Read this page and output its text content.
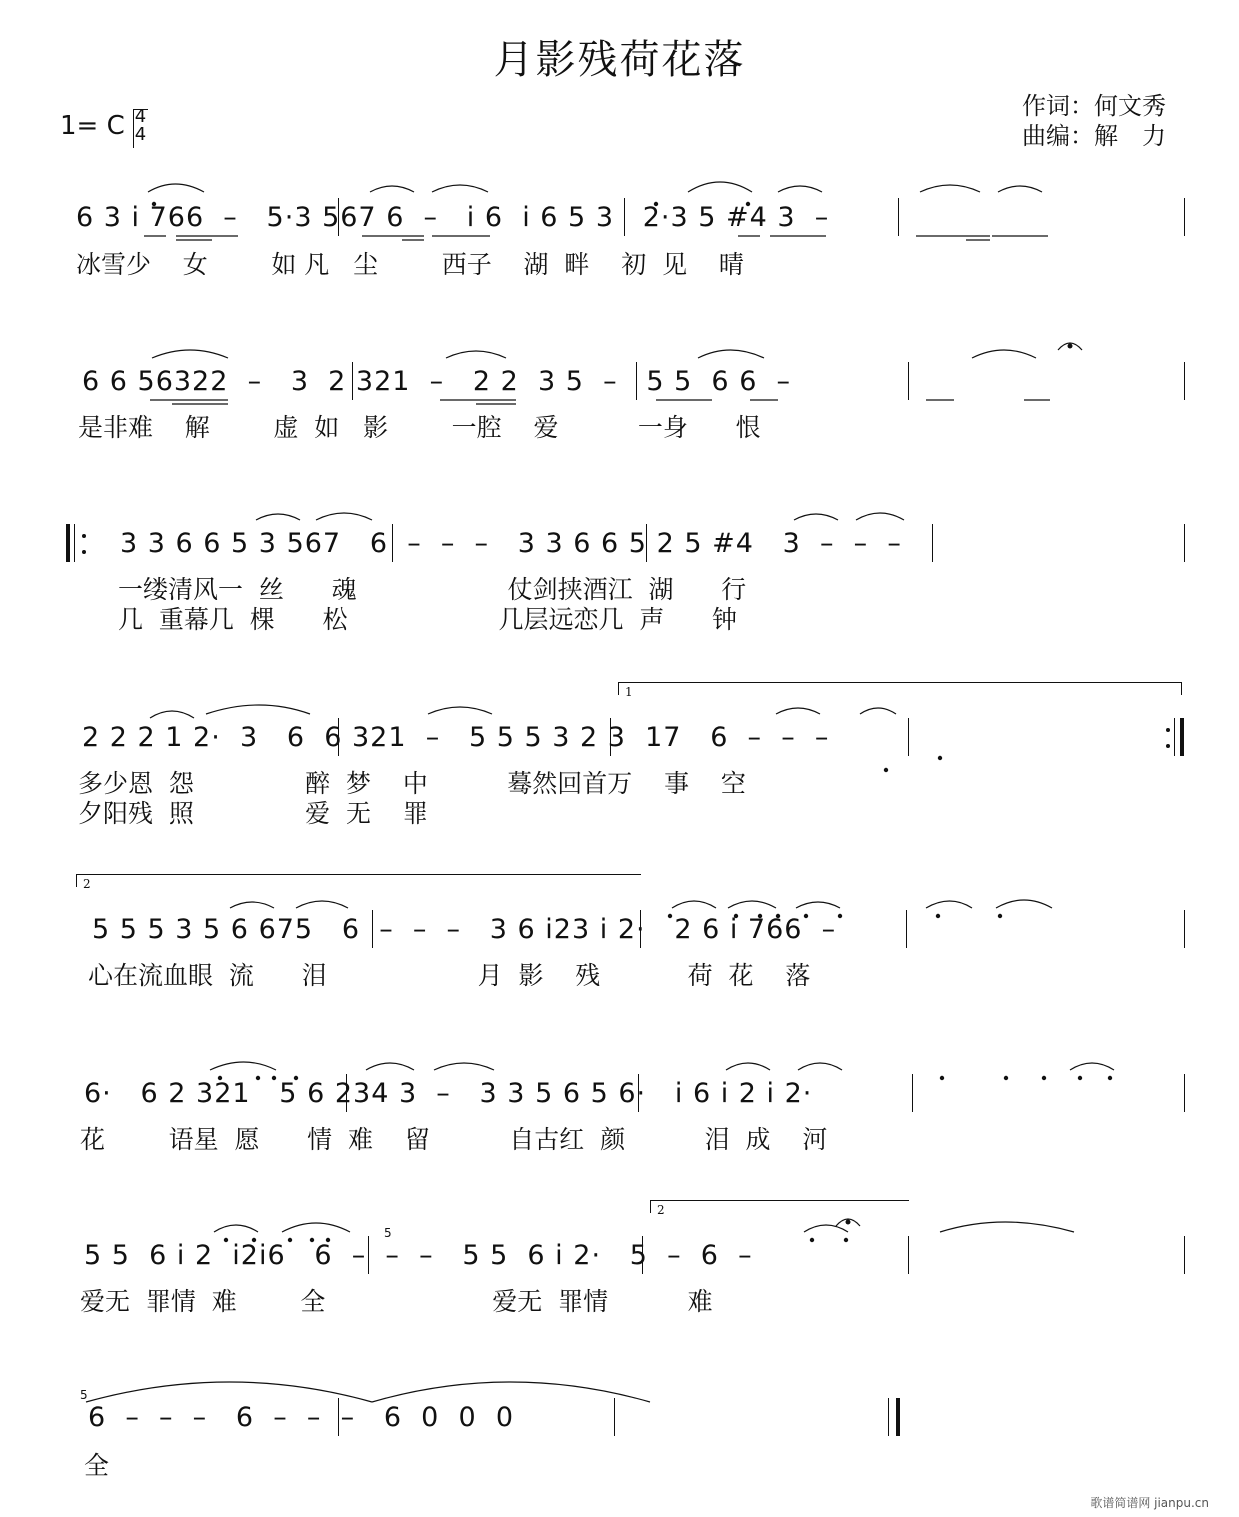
月影残荷花落
1= C 4
4
作词：何文秀
曲编：解　力
6 3 i 766  –   5·3 567 6  –   i 6  i 6 5 3   2·3 5 #4 3  –
冰雪少    女        如 凡   尘        西子    湖  畔    初  见    晴
6 6 56322  –   3  2 321  –   2 2  3 5  –   5 5  6 6  –
是非难    解        虚  如   影        一腔    爱          一身      恨
3 3 6 6 5 3 567   6  –  –  –   3 3 6 6 5 2 5 #4   3  –  –  –
一缕清风一  丝      魂                   仗剑挟酒江  湖      行
几  重幕几  棵      松                   几层远恋几  声      钟
1
2 2 2 1 2·  3   6  6 321  –   5 5 5 3 2 3  17   6  –  –  –
多少恩  怨              醉  梦    中          蓦然回首万    事    空
夕阳残  照              爱  无    罪
2
5 5 5 3 5 6 675   6  –  –  –   3 6 i23 i 2·   2 6 i 766  –
心在流血眼  流      泪                   月  影    残           荷  花    落
6·   6 2 321   5 6 234 3  –   3 3 5 6 5 6·   i 6 i 2 i 2·
花        语星  愿      情  难    留          自古红  颜          泪  成    河
2
5 5  6 i 2  i2i6   6  –  –  –   5 5  6 i 2·   5  –  6  –
爱无  罪情  难        全                     爱无  罪情          难
5
5
6  –  –  –   6  –  –  –   6  0  0  0
全
歌谱简谱网 jianpu.cn
